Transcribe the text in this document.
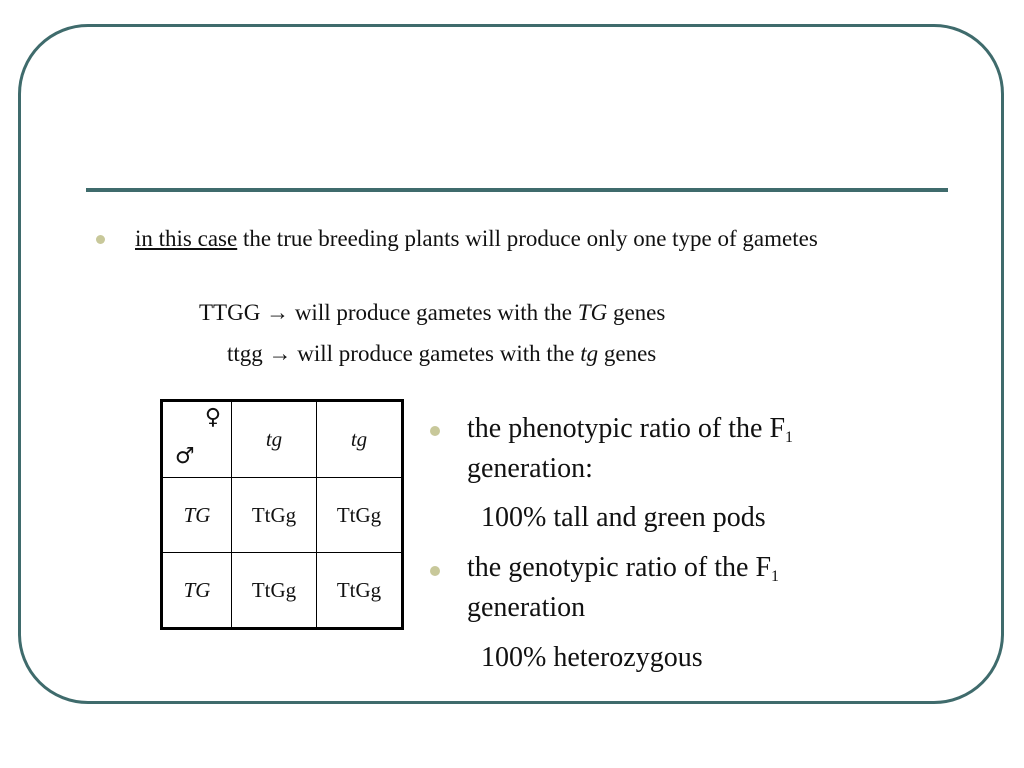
in this case the true breeding plants will produce only one type of gametes
TTGG → will produce gametes with the TG genes
ttgg → will produce gametes with the tg genes
♀
♂	tg	tg
TG	TtGg	TtGg
TG	TtGg	TtGg
the phenotypic ratio of the $F_1$
generation:
100% tall and green pods
the genotypic ratio of the $F_1$
generation
100% heterozygous
